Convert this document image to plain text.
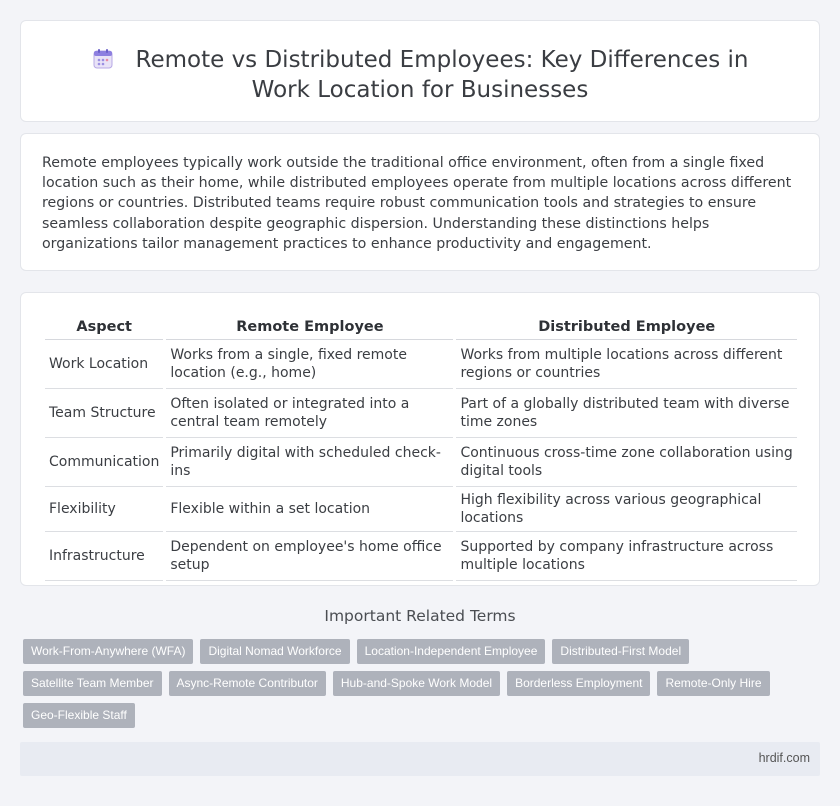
Remote vs Distributed Employees: Key Differences in Work Location for Businesses

Remote employees typically work outside the traditional office environment, often from a single fixed location such as their home, while distributed employees operate from multiple locations across different regions or countries. Distributed teams require robust communication tools and strategies to ensure seamless collaboration despite geographic dispersion. Understanding these distinctions helps organizations tailor management practices to enhance productivity and engagement.

Aspect	Remote Employee	Distributed Employee
Work Location	Works from a single, fixed remote location (e.g., home)	Works from multiple locations across different regions or countries
Team Structure	Often isolated or integrated into a central team remotely	Part of a globally distributed team with diverse time zones
Communication	Primarily digital with scheduled check-ins	Continuous cross-time zone collaboration using digital tools
Flexibility	Flexible within a set location	High flexibility across various geographical locations
Infrastructure	Dependent on employee's home office setup	Supported by company infrastructure across multiple locations
Important Related Terms
Work-From-Anywhere (WFA)	Digital Nomad Workforce	Location-Independent Employee	Distributed-First Model
Satellite Team Member	Async-Remote Contributor	Hub-and-Spoke Work Model	Borderless Employment	Remote-Only Hire
Geo-Flexible Staff
hrdif.com
